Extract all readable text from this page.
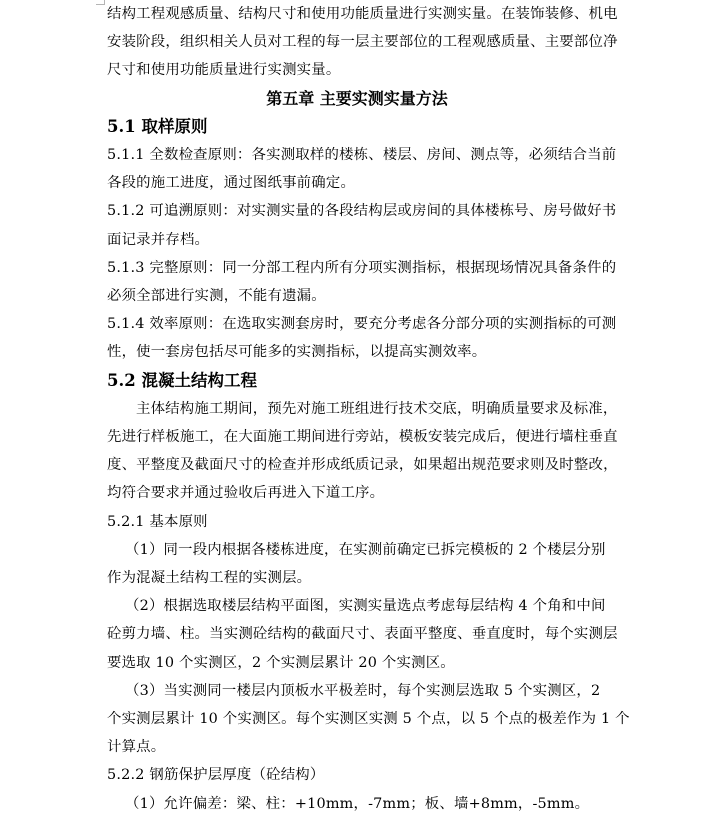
结构工程观感质量、结构尺寸和使用功能质量进行实测实量。在装饰装修、机电
安装阶段，组织相关人员对工程的每一层主要部位的工程观感质量、主要部位净
尺寸和使用功能质量进行实测实量。
第五章 主要实测实量方法
5.1 取样原则
5.1.1 全数检查原则：各实测取样的楼栋、楼层、房间、测点等，必须结合当前
各段的施工进度，通过图纸事前确定。
5.1.2 可追溯原则：对实测实量的各段结构层或房间的具体楼栋号、房号做好书
面记录并存档。
5.1.3 完整原则：同一分部工程内所有分项实测指标，根据现场情况具备条件的
必须全部进行实测，不能有遗漏。
5.1.4 效率原则：在选取实测套房时，要充分考虑各分部分项的实测指标的可测
性，使一套房包括尽可能多的实测指标，以提高实测效率。
5.2 混凝土结构工程
主体结构施工期间，预先对施工班组进行技术交底，明确质量要求及标准，
先进行样板施工，在大面施工期间进行旁站，模板安装完成后，便进行墙柱垂直
度、平整度及截面尺寸的检查并形成纸质记录，如果超出规范要求则及时整改，
均符合要求并通过验收后再进入下道工序。
5.2.1 基本原则
（1）同一段内根据各楼栋进度，在实测前确定已拆完模板的 2 个楼层分别
作为混凝土结构工程的实测层。
（2）根据选取楼层结构平面图，实测实量选点考虑每层结构 4 个角和中间
砼剪力墙、柱。当实测砼结构的截面尺寸、表面平整度、垂直度时，每个实测层
要选取 10 个实测区，2 个实测层累计 20 个实测区。
（3）当实测同一楼层内顶板水平极差时，每个实测层选取 5 个实测区，2
个实测层累计 10 个实测区。每个实测区实测 5 个点，以 5 个点的极差作为 1 个
计算点。
5.2.2 钢筋保护层厚度（砼结构）
（1）允许偏差：梁、柱：+10mm，-7mm；板、墙+8mm，-5mm。
